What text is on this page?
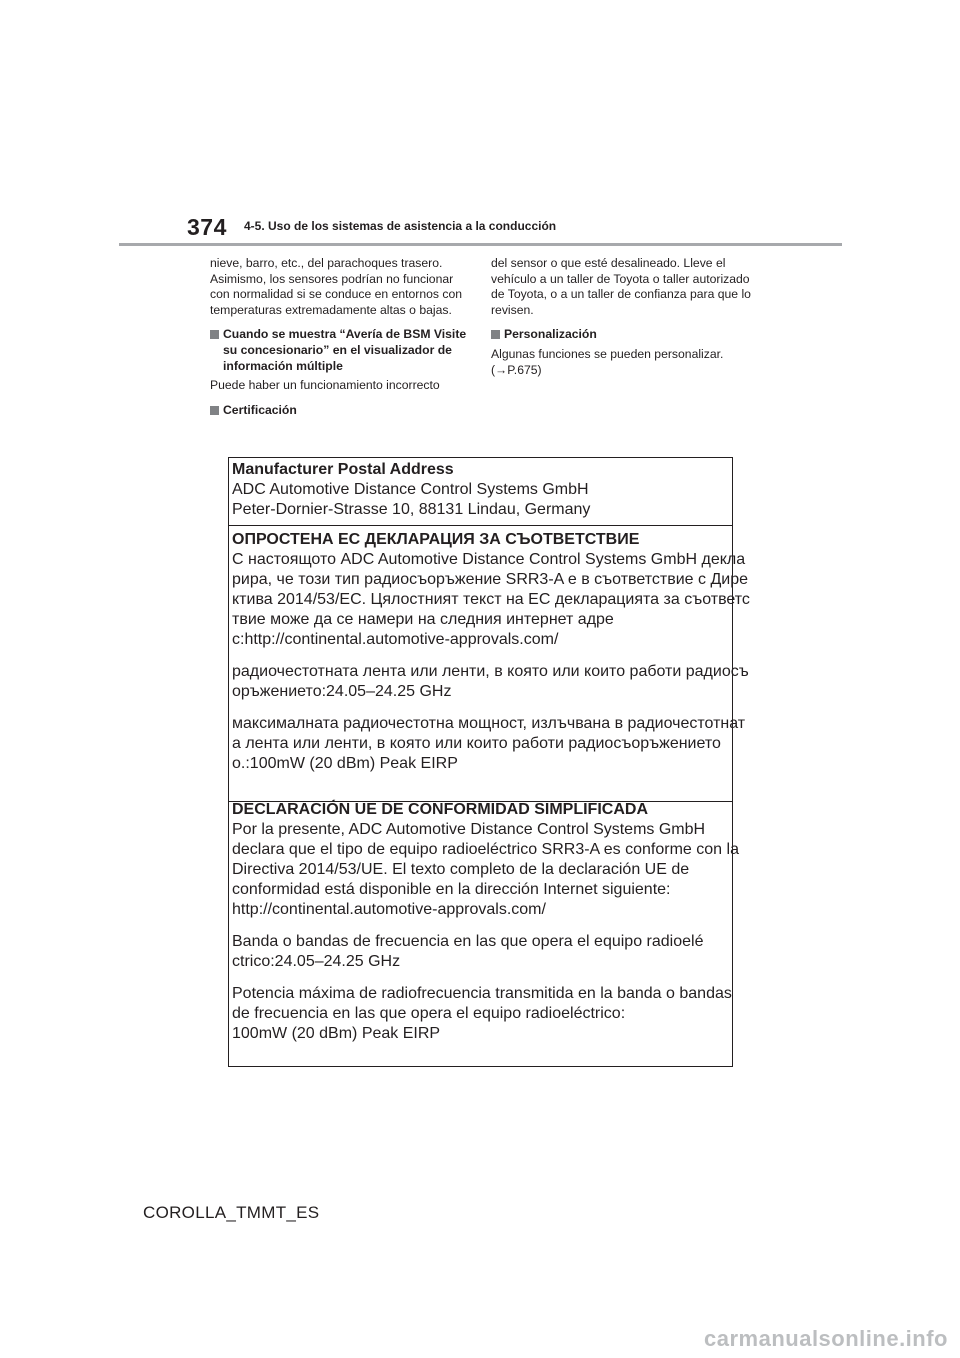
374 4-5. Uso de los sistemas de asistencia a la conducción

nieve, barro, etc., del parachoques trasero. Asimismo, los sensores podrían no funcionar con normalidad si se conduce en entornos con temperaturas extremadamente altas o bajas.

Cuando se muestra “Avería de BSM Visite su concesionario” en el visualizador de información múltiple

Puede haber un funcionamiento incorrecto

Certificación

del sensor o que esté desalineado. Lleve el vehículo a un taller de Toyota o taller autorizado de Toyota, o a un taller de confianza para que lo revisen.

Personalización

Algunas funciones se pueden personalizar. (→P.675)

Manufacturer Postal Address

ADC Automotive Distance Control Systems GmbH

Peter-Dornier-Strasse 10, 88131 Lindau, Germany

ОПРОСТЕНА ЕС ДЕКЛАРАЦИЯ ЗА СЪОТВЕТСТВИЕ

С настоящото ADC Automotive Distance Control Systems GmbH декла

рира, че този тип радиосъоръжение SRR3-A е в съответствие с Дире

ктива 2014/53/ЕС. Цялостният текст на ЕС декларацията за съответс

твие може да се намери на следния интернет адре

с:http://continental.automotive-approvals.com/

радиочестотната лента или ленти, в която или които работи радиосъ

оръжението:24.05–24.25 GHz

максималната радиочестотна мощност, излъчвана в радиочестотнат

а лента или ленти, в която или които работи радиосъоръжението

о.:100mW (20 dBm) Peak EIRP

DECLARACIÓN UE DE CONFORMIDAD SIMPLIFICADA

Por la presente, ADC Automotive Distance Control Systems GmbH

declara que el tipo de equipo radioeléctrico SRR3-A es conforme con la

Directiva 2014/53/UE. El texto completo de la declaración UE de

conformidad está disponible en la dirección Internet siguiente:

http://continental.automotive-approvals.com/

Banda o bandas de frecuencia en las que opera el equipo radioelé

ctrico:24.05–24.25 GHz

Potencia máxima de radiofrecuencia transmitida en la banda o bandas

de frecuencia en las que opera el equipo radioeléctrico:

100mW (20 dBm) Peak EIRP

COROLLA_TMMT_ES
carmanualsonline.info
